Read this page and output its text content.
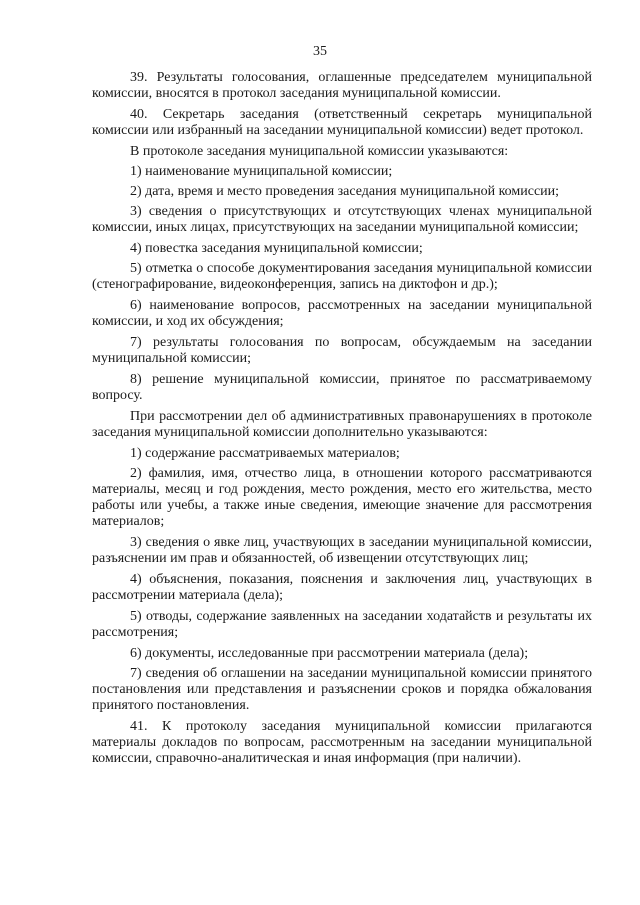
35

39. Результаты голосования, оглашенные председателем муниципальной комиссии, вносятся в протокол заседания муниципальной комиссии.

40. Секретарь заседания (ответственный секретарь муниципальной комиссии или избранный на заседании муниципальной комиссии) ведет протокол.

В протоколе заседания муниципальной комиссии указываются:

1) наименование муниципальной комиссии;

2) дата, время и место проведения заседания муниципальной комиссии;

3) сведения о присутствующих и отсутствующих членах муниципальной комиссии, иных лицах, присутствующих на заседании муниципальной комиссии;

4) повестка заседания муниципальной комиссии;

5) отметка о способе документирования заседания муниципальной комиссии (стенографирование, видеоконференция, запись на диктофон и др.);

6) наименование вопросов, рассмотренных на заседании муниципальной комиссии, и ход их обсуждения;

7) результаты голосования по вопросам, обсуждаемым на заседании муниципальной комиссии;

8) решение муниципальной комиссии, принятое по рассматриваемому вопросу.

При рассмотрении дел об административных правонарушениях в протоколе заседания муниципальной комиссии дополнительно указываются:

1) содержание рассматриваемых материалов;

2) фамилия, имя, отчество лица, в отношении которого рассматриваются материалы, месяц и год рождения, место рождения, место его жительства, место работы или учебы, а также иные сведения, имеющие значение для рассмотрения материалов;

3) сведения о явке лиц, участвующих в заседании муниципальной комиссии, разъяснении им прав и обязанностей, об извещении отсутствующих лиц;

4) объяснения, показания, пояснения и заключения лиц, участвующих в рассмотрении материала (дела);

5) отводы, содержание заявленных на заседании ходатайств и результаты их рассмотрения;

6) документы, исследованные при рассмотрении материала (дела);

7) сведения об оглашении на заседании муниципальной комиссии принятого постановления или представления и разъяснении сроков и порядка обжалования принятого постановления.

41. К протоколу заседания муниципальной комиссии прилагаются материалы докладов по вопросам, рассмотренным на заседании муниципальной комиссии, справочно-аналитическая и иная информация (при наличии).
